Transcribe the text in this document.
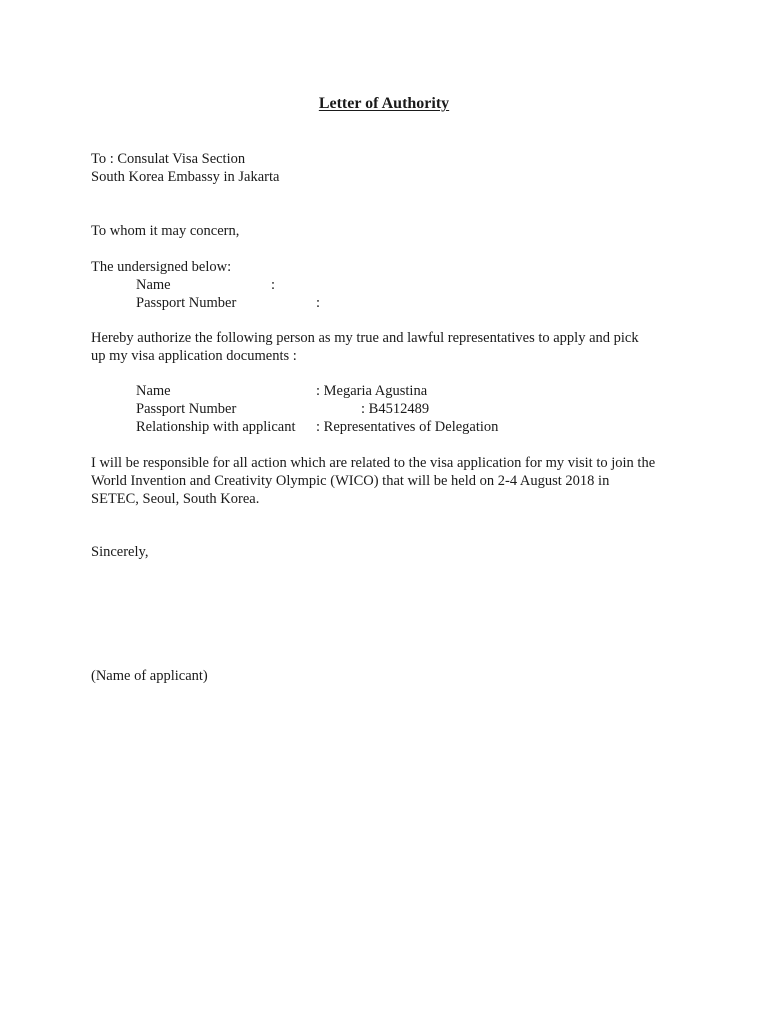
Letter of Authority
To : Consulat Visa Section
South Korea Embassy in Jakarta
To whom it may concern,
The undersigned below:
Name	:
Passport Number	:
Hereby authorize the following person as my true and lawful representatives to apply and pick
up my visa application documents :
Name	: Megaria Agustina
Passport Number	: B4512489
Relationship with applicant : Representatives of Delegation
I will be responsible for all action which are related to the visa application for my visit to join the
World Invention and Creativity Olympic (WICO) that will be held on 2-4 August 2018 in
SETEC, Seoul, South Korea.
Sincerely,
(Name of applicant)
